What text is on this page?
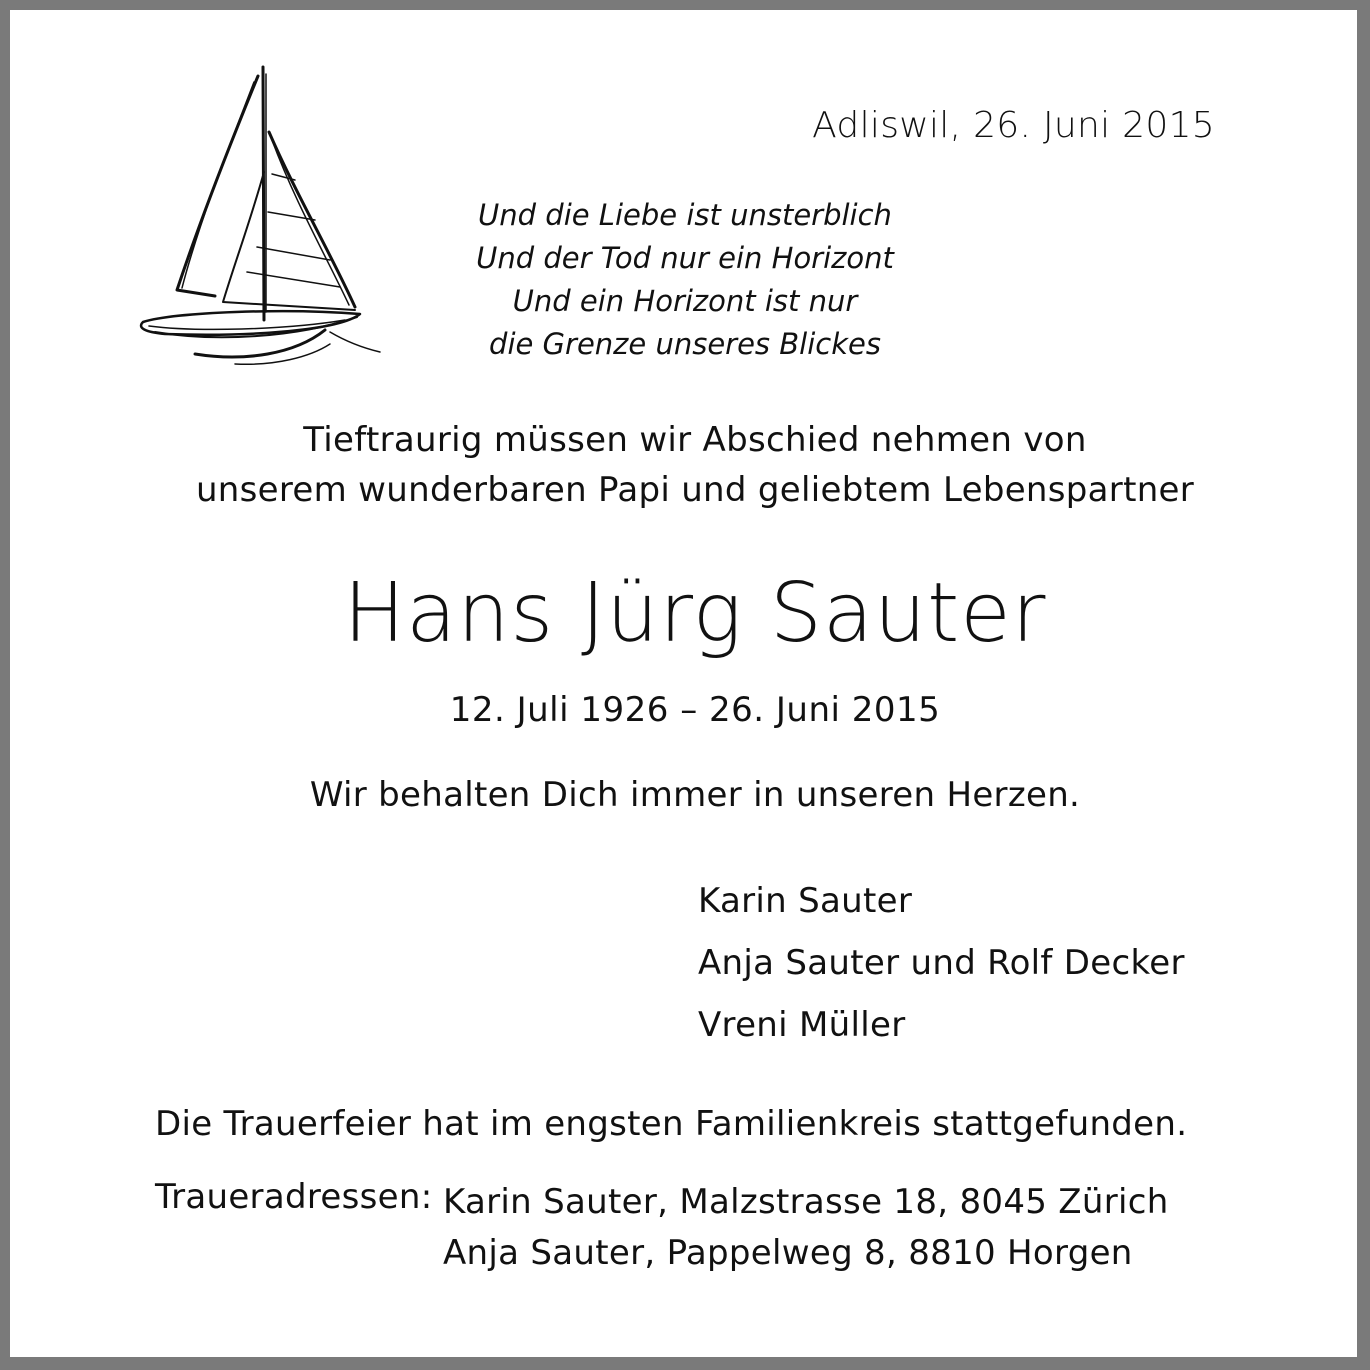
Adliswil, 26. Juni 2015
Und die Liebe ist unsterblich
Und der Tod nur ein Horizont
Und ein Horizont ist nur
die Grenze unseres Blickes
Tieftraurig müssen wir Abschied nehmen von
unserem wunderbaren Papi und geliebtem Lebenspartner
Hans Jürg Sauter
12. Juli 1926 – 26. Juni 2015
Wir behalten Dich immer in unseren Herzen.
Karin Sauter
Anja Sauter und Rolf Decker
Vreni Müller
Die Trauerfeier hat im engsten Familienkreis stattgefunden.
Traueradressen: Karin Sauter, Malzstrasse 18, 8045 Zürich
Anja Sauter, Pappelweg 8, 8810 Horgen
